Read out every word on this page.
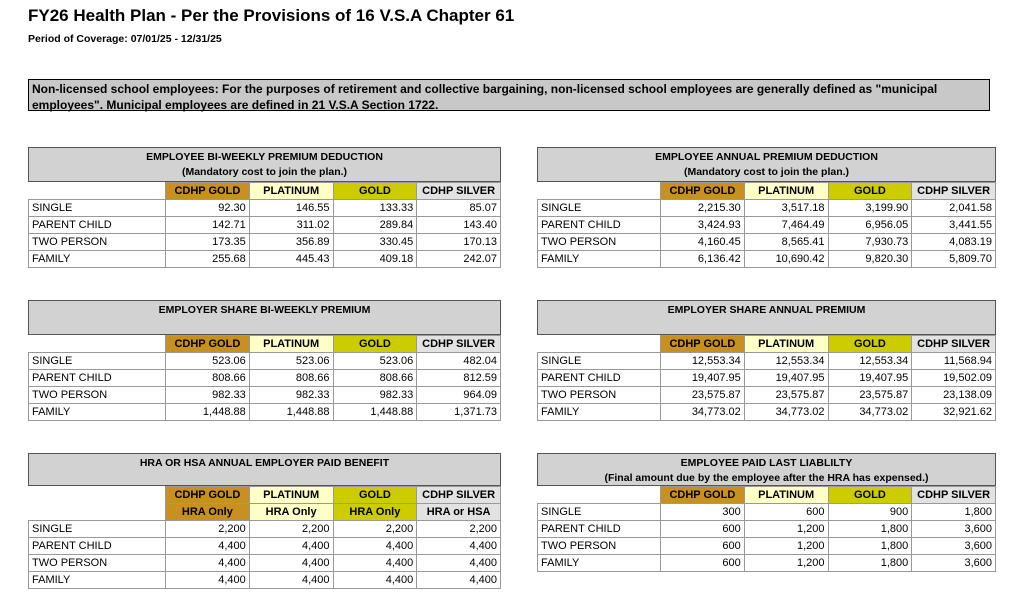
FY26 Health Plan - Per the Provisions of 16 V.S.A Chapter 61
Period of Coverage: 07/01/25 - 12/31/25
Non-licensed school employees: For the purposes of retirement and collective bargaining, non-licensed school employees are generally defined as "municipal employees". Municipal employees are defined in 21 V.S.A Section 1722.
EMPLOYEE BI-WEEKLY PREMIUM DEDUCTION
(Mandatory cost to join the plan.)
	CDHP GOLD	PLATINUM	GOLD	CDHP SILVER
SINGLE	92.30	146.55	133.33	85.07
PARENT CHILD	142.71	311.02	289.84	143.40
TWO PERSON	173.35	356.89	330.45	170.13
FAMILY	255.68	445.43	409.18	242.07
EMPLOYEE ANNUAL PREMIUM DEDUCTION
(Mandatory cost to join the plan.)
	CDHP GOLD	PLATINUM	GOLD	CDHP SILVER
SINGLE	2,215.30	3,517.18	3,199.90	2,041.58
PARENT CHILD	3,424.93	7,464.49	6,956.05	3,441.55
TWO PERSON	4,160.45	8,565.41	7,930.73	4,083.19
FAMILY	6,136.42	10,690.42	9,820.30	5,809.70
EMPLOYER SHARE BI-WEEKLY PREMIUM
	CDHP GOLD	PLATINUM	GOLD	CDHP SILVER
SINGLE	523.06	523.06	523.06	482.04
PARENT CHILD	808.66	808.66	808.66	812.59
TWO PERSON	982.33	982.33	982.33	964.09
FAMILY	1,448.88	1,448.88	1,448.88	1,371.73
EMPLOYER SHARE ANNUAL PREMIUM
	CDHP GOLD	PLATINUM	GOLD	CDHP SILVER
SINGLE	12,553.34	12,553.34	12,553.34	11,568.94
PARENT CHILD	19,407.95	19,407.95	19,407.95	19,502.09
TWO PERSON	23,575.87	23,575.87	23,575.87	23,138.09
FAMILY	34,773.02	34,773.02	34,773.02	32,921.62
HRA OR HSA ANNUAL EMPLOYER PAID BENEFIT
	CDHP GOLD	PLATINUM	GOLD	CDHP SILVER
	HRA Only	HRA Only	HRA Only	HRA or HSA
SINGLE	2,200	2,200	2,200	2,200
PARENT CHILD	4,400	4,400	4,400	4,400
TWO PERSON	4,400	4,400	4,400	4,400
FAMILY	4,400	4,400	4,400	4,400
EMPLOYEE PAID LAST LIABLILTY
(Final amount due by the employee after the HRA has expensed.)
	CDHP GOLD	PLATINUM	GOLD	CDHP SILVER
SINGLE	300	600	900	1,800
PARENT CHILD	600	1,200	1,800	3,600
TWO PERSON	600	1,200	1,800	3,600
FAMILY	600	1,200	1,800	3,600
